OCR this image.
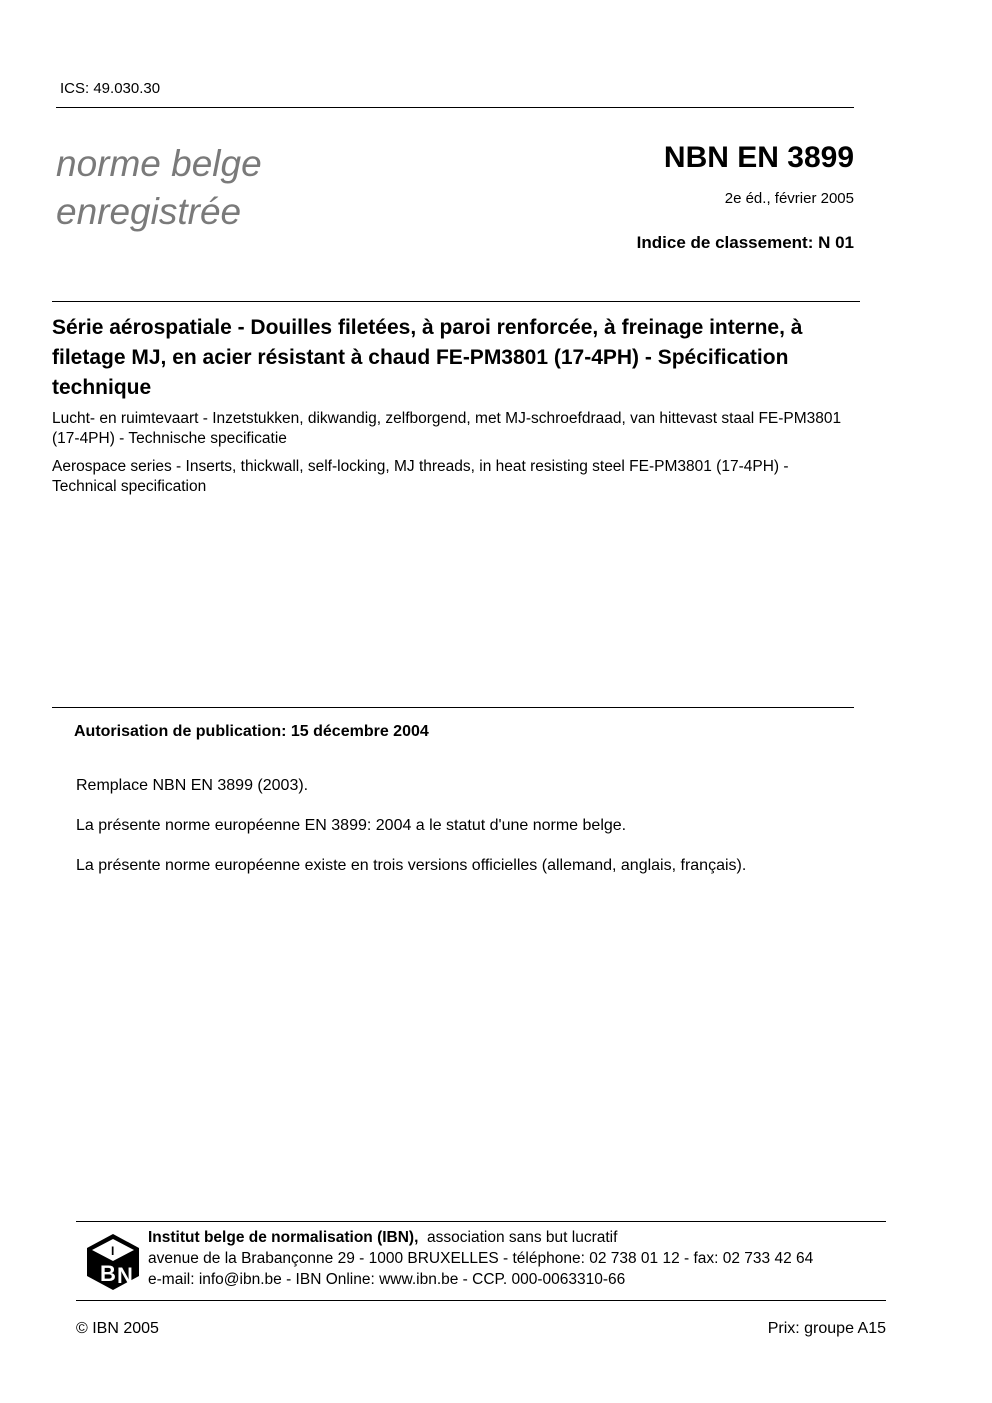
ICS: 49.030.30

norme belge
enregistrée
NBN EN 3899
2e éd., février 2005
Indice de classement: N 01
Série aérospatiale - Douilles filetées, à paroi renforcée, à freinage interne, à filetage MJ, en acier résistant à chaud FE-PM3801 (17-4PH) - Spécification technique
Lucht- en ruimtevaart - Inzetstukken, dikwandig, zelfborgend, met MJ-schroefdraad, van hittevast staal FE-PM3801 (17-4PH) - Technische specificatie
Aerospace series - Inserts, thickwall, self-locking, MJ threads, in heat resisting steel FE-PM3801 (17-4PH) - Technical specification
Autorisation de publication: 15 décembre 2004
Remplace NBN EN 3899 (2003).
La présente norme européenne EN 3899: 2004 a le statut d'une norme belge.
La présente norme européenne existe en trois versions officielles (allemand, anglais, français).
B N
I
Institut belge de normalisation (IBN), association sans but lucratif
avenue de la Brabançonne 29 - 1000 BRUXELLES - téléphone: 02 738 01 12 - fax: 02 733 42 64
e-mail: info@ibn.be - IBN Online: www.ibn.be - CCP. 000-0063310-66
© IBN 2005	Prix: groupe A15
